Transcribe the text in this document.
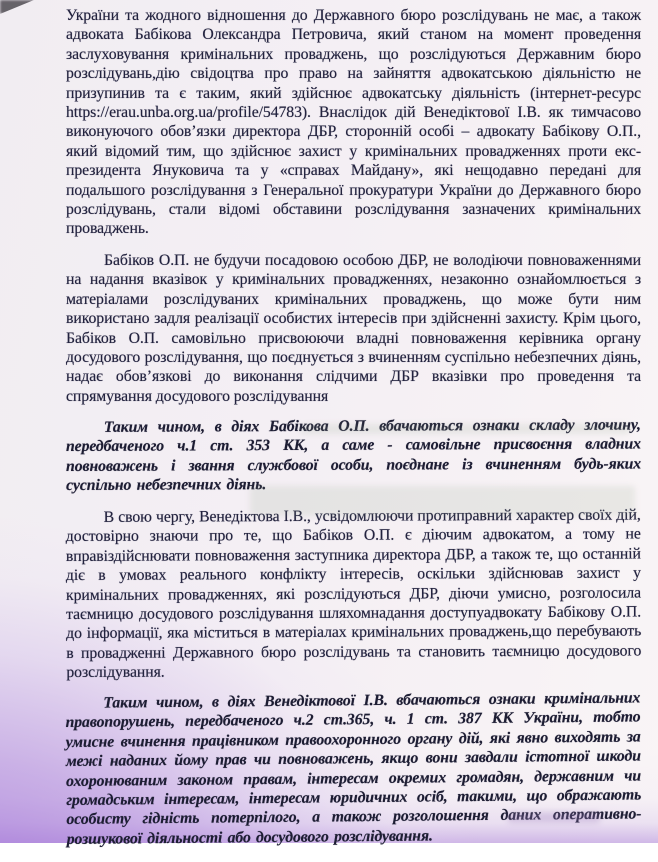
України та жодного відношення до Державного бюро розслідувань не має, а також адвоката Бабікова Олександра Петровича, який станом на момент проведення заслуховування кримінальних проваджень, що розслідуються Державним бюро розслідувань,дію свідоцтва про право на зайняття адвокатською діяльністю не призупинив та є таким, який здійснює адвокатську діяльність (інтернет-ресурс https://erau.unba.org.ua/profile/54783). Внаслідок дій Венедіктової І.В. як тимчасово виконуючого обов’язки директора ДБР, сторонній особі – адвокату Бабікову О.П., який відомий тим, що здійснює захист у кримінальних провадженнях проти екс-президента Януковича та у «справах Майдану», які нещодавно передані для подальшого розслідування з Генеральної прокуратури України до Державного бюро розслідувань, стали відомі обставини розслідування зазначених кримінальних проваджень.

Бабіков О.П. не будучи посадовою особою ДБР, не володіючи повноваженнями на надання вказівок у кримінальних провадженнях, незаконно ознайомлюється з матеріалами розслідуваних кримінальних проваджень, що може бути ним використано задля реалізації особистих інтересів при здійсненні захисту. Крім цього, Бабіков О.П. самовільно присвоюючи владні повноваження керівника органу досудового розслідування, що поєднується з вчиненням суспільно небезпечних діянь, надає обов’язкові до виконання слідчими ДБР вказівки про проведення та спрямування досудового розслідування

Таким чином, в діях Бабікова О.П. вбачаються ознаки складу злочину, передбаченого ч.1 ст. 353 КК, а саме - самовільне присвоєння владних повноважень і звання службової особи, поєднане із вчиненням будь-яких суспільно небезпечних діянь.

В свою чергу, Венедіктова І.В., усвідомлюючи протиправний характер своїх дій, достовірно знаючи про те, що Бабіков О.П. є діючим адвокатом, а тому не вправіздійснювати повноваження заступника директора ДБР, а також те, що останній діє в умовах реального конфлікту інтересів, оскільки здійснював захист у кримінальних провадженнях, які розслідуються ДБР, діючи умисно, розголосила таємницю досудового розслідування шляхомнадання доступуадвокату Бабікову О.П. до інформації, яка міститься в матеріалах кримінальних проваджень,що перебувають в провадженні Державного бюро розслідувань та становить таємницю досудового розслідування.

Таким чином, в діях Венедіктової І.В. вбачаються ознаки кримінальних правопорушень, передбаченого ч.2 ст.365, ч. 1 ст. 387 КК України, тобто умисне вчинення працівником правоохоронного органу дій, які явно виходять за межі наданих йому прав чи повноважень, якщо вони завдали істотної шкоди охоронюваним законом правам, інтересам окремих громадян, державним чи громадським інтересам, інтересам юридичних осіб, такими, що ображають особисту гідність потерпілого, а також розголошення даних оперативно-розшукової діяльності або досудового розслідування.
